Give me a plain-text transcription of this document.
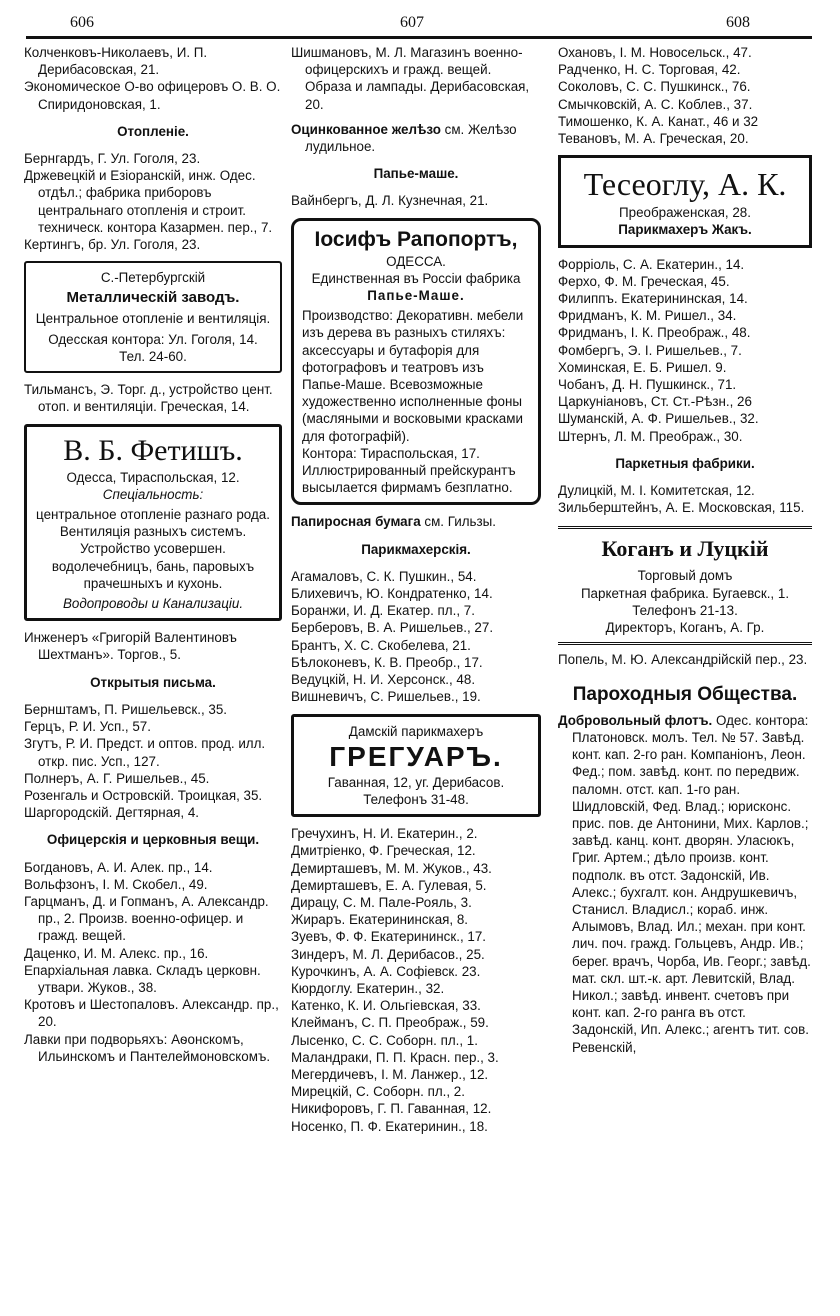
606	607	608

Колченковъ-Николаевъ, И. П. Дерибасовская, 21.

Экономическое О-во офицеровъ О. В. О. Спиридоновская, 1.

Отопленіе.

Бернгардъ, Г. Ул. Гоголя, 23.

Држевецкій и Езіоранскій, инж. Одес. отдѣл.; фабрика приборовъ центральнаго отопленія и строит. техническ. контора Казармен. пер., 7.

Кертингъ, бр. Ул. Гоголя, 23.

С.-Петербургскій

Металлическій заводъ.

Центральное отопленіе и вентиляція.

Одесская контора: Ул. Гоголя, 14. Тел. 24-60.

Тильмансъ, Э. Торг. д., устройство цент. отоп. и вентиляціи. Греческая, 14.

В. Б. Фетишъ.

Одесса, Тираспольская, 12.

Спеціальность:

центральное отопленіе разнаго рода. Вентиляція разныхъ системъ. Устройство усовершен. водолечебницъ, бань, паровыхъ прачешныхъ и кухонь.

Водопроводы и Канализаціи.

Инженеръ «Григорій Валентиновъ Шехтманъ». Торгов., 5.

Открытыя письма.

Бернштамъ, П. Ришельевск., 35.

Герцъ, Р. И. Усп., 57.

Згутъ, Р. И. Предст. и оптов. прод. илл. откр. пис. Усп., 127.

Полнеръ, А. Г. Ришельев., 45.

Розенгаль и Островскій. Троицкая, 35.

Шаргородскій. Дегтярная, 4.

Офицерскія и церковныя вещи.

Богдановъ, А. И. Алек. пр., 14.

Вольфзонъ, I. М. Скобел., 49.

Гарцманъ, Д. и Гопманъ, А. Александр. пр., 2. Произв. военно-офицер. и гражд. вещей.

Даценко, И. М. Алекс. пр., 16.

Епархіальная лавка. Складъ церковн. утвари. Жуков., 38.

Кротовъ и Шестопаловъ. Александр. пр., 20.

Лавки при подворьяхъ: Аѳонскомъ, Ильинскомъ и Пантелеймоновскомъ.

Шишмановъ, М. Л. Магазинъ военно-офицерскихъ и гражд. вещей. Образа и лампады. Дерибасовская, 20.

Оцинкованное желѣзо см. Желѣзо лудильное.

Папье-маше.

Вайнбергъ, Д. Л. Кузнечная, 21.

Іосифъ Рапопортъ,

ОДЕССА.

Единственная въ Россіи фабрика

Папье-Маше.

Производство: Декоративн. мебели изъ дерева въ разныхъ стиляхъ: аксессуары и бутафорія для фотографовъ и театровъ изъ Папье-Маше. Всевозможные художественно исполненные фоны (масляными и восковыми красками для фотографій).

Контора: Тираспольская, 17.

Иллюстрированный прейскурантъ высылается фирмамъ безплатно.

Папиросная бумага см. Гильзы.

Парикмахерскія.

Агамаловъ, С. К. Пушкин., 54.

Блихевичъ, Ю. Кондратенко, 14.

Боранжи, И. Д. Екатер. пл., 7.

Берберовъ, В. А. Ришельев., 27.

Брантъ, Х. С. Скобелева, 21.

Бѣлоконевъ, К. В. Преобр., 17.

Ведуцкій, Н. И. Херсонск., 48.

Вишневичъ, С. Ришельев., 19.

Дамскій парикмахеръ

ГРЕГУАРЪ.

Гаванная, 12, уг. Дерибасов.

Телефонъ 31-48.

Гречухинъ, Н. И. Екатерин., 2.

Дмитріенко, Ф. Греческая, 12.

Демирташевъ, М. М. Жуков., 43.

Демирташевъ, Е. А. Гулевая, 5.

Дирацу, С. М. Пале-Рояль, 3.

Жираръ. Екатерининская, 8.

Зуевъ, Ф. Ф. Екатерининск., 17.

Зиндеръ, М. Л. Дерибасов., 25.

Курочкинъ, А. А. Софіевск. 23.

Кюрдоглу. Екатерин., 32.

Катенко, К. И. Ольгіевская, 33.

Клейманъ, С. П. Преображ., 59.

Лысенко, С. С. Соборн. пл., 1.

Маландраки, П. П. Красн. пер., 3.

Мегердичевъ, I. М. Ланжер., 12.

Мирецкій, С. Соборн. пл., 2.

Никифоровъ, Г. П. Гаванная, 12.

Носенко, П. Ф. Екатеринин., 18.

Охановъ, I. М. Новосельск., 47.

Радченко, Н. С. Торговая, 42.

Соколовъ, С. С. Пушкинск., 76.

Смычковскій, А. С. Коблев., 37.

Тимошенко, К. А. Канат., 46 и 32

Тевановъ, М. А. Греческая, 20.

Тесеоглу, А. К.

Преображенская, 28.

Парикмахеръ Жакъ.

Форріоль, С. А. Екатерин., 14.

Ферхо, Ф. М. Греческая, 45.

Филиппъ. Екатерининская, 14.

Фридманъ, К. М. Ришел., 34.

Фридманъ, I. К. Преображ., 48.

Фомбергъ, Э. I. Ришельев., 7.

Хоминская, Е. Б. Ришел. 9.

Чобанъ, Д. Н. Пушкинск., 71.

Царкуніановъ, Ст. Ст.-Рѣзн., 26

Шуманскій, А. Ф. Ришельев., 32.

Штернъ, Л. М. Преображ., 30.

Паркетныя фабрики.

Дулицкій, М. I. Комитетская, 12.

Зильберштейнъ, А. Е. Московская, 115.

Коганъ и Луцкій

Торговый домъ

Паркетная фабрика. Бугаевск., 1. Телефонъ 21-13.

Директоръ, Коганъ, А. Гр.

Попель, М. Ю. Александрійскій пер., 23.

Пароходныя Общества.

Добровольный флотъ. Одес. контора: Платоновск. молъ. Тел. № 57. Завѣд. конт. кап. 2-го ран. Компаніонъ, Леон. Фед.; пом. завѣд. конт. по передвиж. паломн. отст. кап. 1-го ран. Шидловскій, Фед. Влад.; юрисконс. прис. пов. де Антонини, Мих. Карлов.; завѣд. канц. конт. дворян. Уласюкъ, Григ. Артем.; дѣло произв. конт. подполк. въ отст. Задонскій, Ив. Алекс.; бухгалт. кон. Андрушкевичъ, Станисл. Владисл.; кораб. инж. Алымовъ, Влад. Ил.; механ. при конт. лич. поч. гражд. Гольцевъ, Андр. Ив.; берег. врачъ, Чорба, Ив. Георг.; завѣд. мат. скл. шт.-к. арт. Левитскій, Влад. Никол.; завѣд. инвент. счетовъ при конт. кап. 2-го ранга въ отст. Задонскій, Ип. Алекс.; агентъ тит. сов. Ревенскій,
